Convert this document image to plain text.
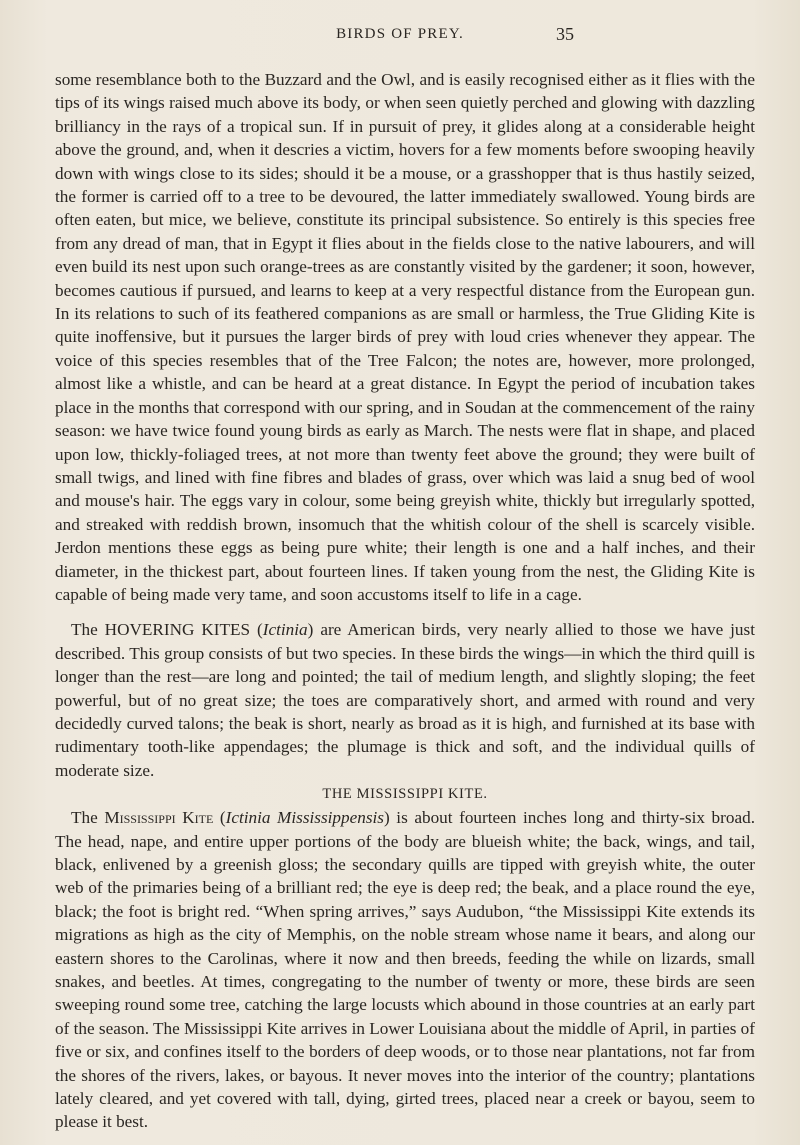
BIRDS OF PREY.	35

some resemblance both to the Buzzard and the Owl, and is easily recognised either as it flies with the tips of its wings raised much above its body, or when seen quietly perched and glowing with dazzling brilliancy in the rays of a tropical sun. If in pursuit of prey, it glides along at a considerable height above the ground, and, when it descries a victim, hovers for a few moments before swooping heavily down with wings close to its sides; should it be a mouse, or a grasshopper that is thus hastily seized, the former is carried off to a tree to be devoured, the latter immediately swallowed. Young birds are often eaten, but mice, we believe, constitute its principal subsistence. So entirely is this species free from any dread of man, that in Egypt it flies about in the fields close to the native labourers, and will even build its nest upon such orange-trees as are constantly visited by the gardener; it soon, however, becomes cautious if pursued, and learns to keep at a very respectful distance from the European gun. In its relations to such of its feathered companions as are small or harmless, the True Gliding Kite is quite inoffensive, but it pursues the larger birds of prey with loud cries whenever they appear. The voice of this species resembles that of the Tree Falcon; the notes are, however, more prolonged, almost like a whistle, and can be heard at a great distance. In Egypt the period of incubation takes place in the months that correspond with our spring, and in Soudan at the commencement of the rainy season: we have twice found young birds as early as March. The nests were flat in shape, and placed upon low, thickly-foliaged trees, at not more than twenty feet above the ground; they were built of small twigs, and lined with fine fibres and blades of grass, over which was laid a snug bed of wool and mouse's hair. The eggs vary in colour, some being greyish white, thickly but irregularly spotted, and streaked with reddish brown, insomuch that the whitish colour of the shell is scarcely visible. Jerdon mentions these eggs as being pure white; their length is one and a half inches, and their diameter, in the thickest part, about fourteen lines. If taken young from the nest, the Gliding Kite is capable of being made very tame, and soon accustoms itself to life in a cage.

The HOVERING KITES (Ictinia) are American birds, very nearly allied to those we have just described. This group consists of but two species. In these birds the wings—in which the third quill is longer than the rest—are long and pointed; the tail of medium length, and slightly sloping; the feet powerful, but of no great size; the toes are comparatively short, and armed with round and very decidedly curved talons; the beak is short, nearly as broad as it is high, and furnished at its base with rudimentary tooth-like appendages; the plumage is thick and soft, and the individual quills of moderate size.

THE MISSISSIPPI KITE.

The Mississippi Kite (Ictinia Mississippensis) is about fourteen inches long and thirty-six broad. The head, nape, and entire upper portions of the body are blueish white; the back, wings, and tail, black, enlivened by a greenish gloss; the secondary quills are tipped with greyish white, the outer web of the primaries being of a brilliant red; the eye is deep red; the beak, and a place round the eye, black; the foot is bright red. “When spring arrives,” says Audubon, “the Mississippi Kite extends its migrations as high as the city of Memphis, on the noble stream whose name it bears, and along our eastern shores to the Carolinas, where it now and then breeds, feeding the while on lizards, small snakes, and beetles. At times, congregating to the number of twenty or more, these birds are seen sweeping round some tree, catching the large locusts which abound in those countries at an early part of the season. The Mississippi Kite arrives in Lower Louisiana about the middle of April, in parties of five or six, and confines itself to the borders of deep woods, or to those near plantations, not far from the shores of the rivers, lakes, or bayous. It never moves into the interior of the country; plantations lately cleared, and yet covered with tall, dying, girted trees, placed near a creek or bayou, seem to please it best.
